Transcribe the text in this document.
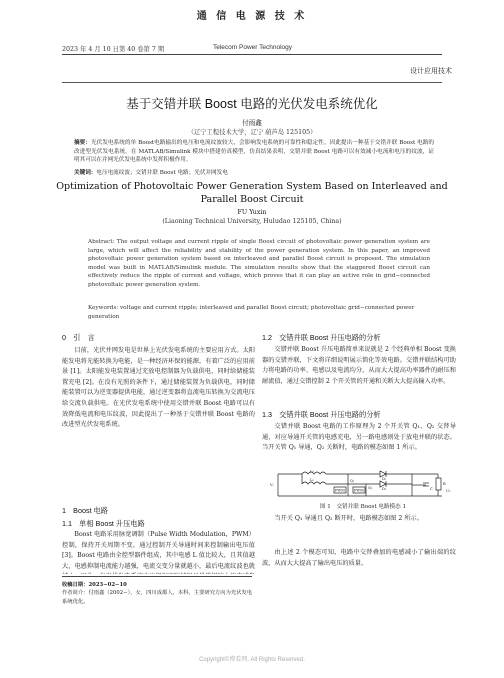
通 信 电 源 技 术
2023 年 4 月 10 日第 40 卷第 7 期	Telecom Power Technology
设计应用技术
基于交错并联 Boost 电路的光伏发电系统优化
付雨鑫
（辽宁工程技术大学，辽宁 葫芦岛 125105）
摘要：光伏发电系统的单 Boost电路输出的电压和电流纹波较大，会影响发电系统的可靠性和稳定性。因此提出一种基于交错并联 Boost 电路的改进型光伏发电系统。在 MATLAB/Simulink 模块中搭建仿真模型，仿真结果表明，交错并联 Boost 电路可以有效减小电流和电压的纹波，证明其可以在并网光伏发电系统中发挥积极作用。
关键词：电压电流纹波；交错并联 Boost 电路；光伏并网发电
Optimization of Photovoltaic Power Generation System Based on Interleaved and Parallel Boost Circuit
FU Yuxin
(Liaoning Technical University, Huludao 125105, China)
Abstract: The output voltage and current ripple of single Boost circuit of photovoltaic power generation system are large, which will affect the reliability and stability of the power generation system. In this paper, an improved photovoltaic power generation system based on interleaved and parallel Boost circuit is proposed. The simulation model was built in MATLAB/Simulink module. The simulation results show that the staggered Boost circuit can effectively reduce the ripple of current and voltage, which proves that it can play an active role in grid−connected photovoltaic power generation system.
Keywords: voltage and current ripple; interleaved and parallel Boost circuit; photovoltaic grid−connected power generation
0　引　言

目前，光伏并网发电是世界上光伏发电系统的主要应用方式。太阳能发电将光能转换为电能，是一种经济环保的能源，有着广泛的应用前景 [1]。太阳能发电装置通过充放电控制器为负载供电，同时给储能装置充电 [2]。在没有光照的条件下，通过储能装置为负载供电，同时储能装置可以为逆变器提供电能，通过逆变器将直流电压转换为交流电压给交流负载供电。在光伏发电系统中使用交错并联 Boost 电路可以有效降低电流和电压纹波，因此提出了一种基于交错并联 Boost 电路的改进型光伏发电系统。

1　Boost 电路
1.1　单相 Boost 升压电路

Boost 电路采用脉宽调制（Pulse Width Modulation，PWM）控制，保持开关周期不变，通过控制开关导通时间来控制输出电压值 [3]。Boost 电路由全控型器件组成，其中电感 L 值比较大，且其值越大，电感抑制电流能力越强，电流交变分量就越小，最后电流纹波也就

收稿日期：2023−02−10
作者简介：付雨鑫（2002−），女，四川成都人，本科，主要研究方向为光伏发电系统优化。
1.2　交错并联 Boost 升压电路的分析

交错并联 Boost 升压电路简单来说就是 2 个经典单相 Boost 变换器的交错并联，下文将详细说明展示简化等效电路。交错并联结构可助力将电路的功率、电感以及电流均分，从而大大提高功率器件的耐压和耐流值，通过交错控制 2 个开关管的开通和关断大大提高输入功率。

1.3　交错并联 Boost 升压电路的分析

交错并联 Boost 电路的工作原理为 2 个开关管 Q₁、Q₂ 交替导通，对应导通开关管的电感充电，另一路电感则处于放电并联的状态。当开关管 Q₁ 导通，Q₂ 关断时，电路的模态如图 1 所示。

Vₛ
L₁
L₂	D₁
D₂
PWM	PWM
Q₁
Q₂	C
R
U₀
图 1　交错并联 Boost 电路模态 1

当开关 Q₁ 导通且 Q₂ 断开时，电路模态如图 2 所示。

由上述 2 个模态可知，电路中交替叠加的电感减小了输出端的纹波，从而大大提高了输出电压的质量。

Copyright©博看网. All Rights Reserved.
